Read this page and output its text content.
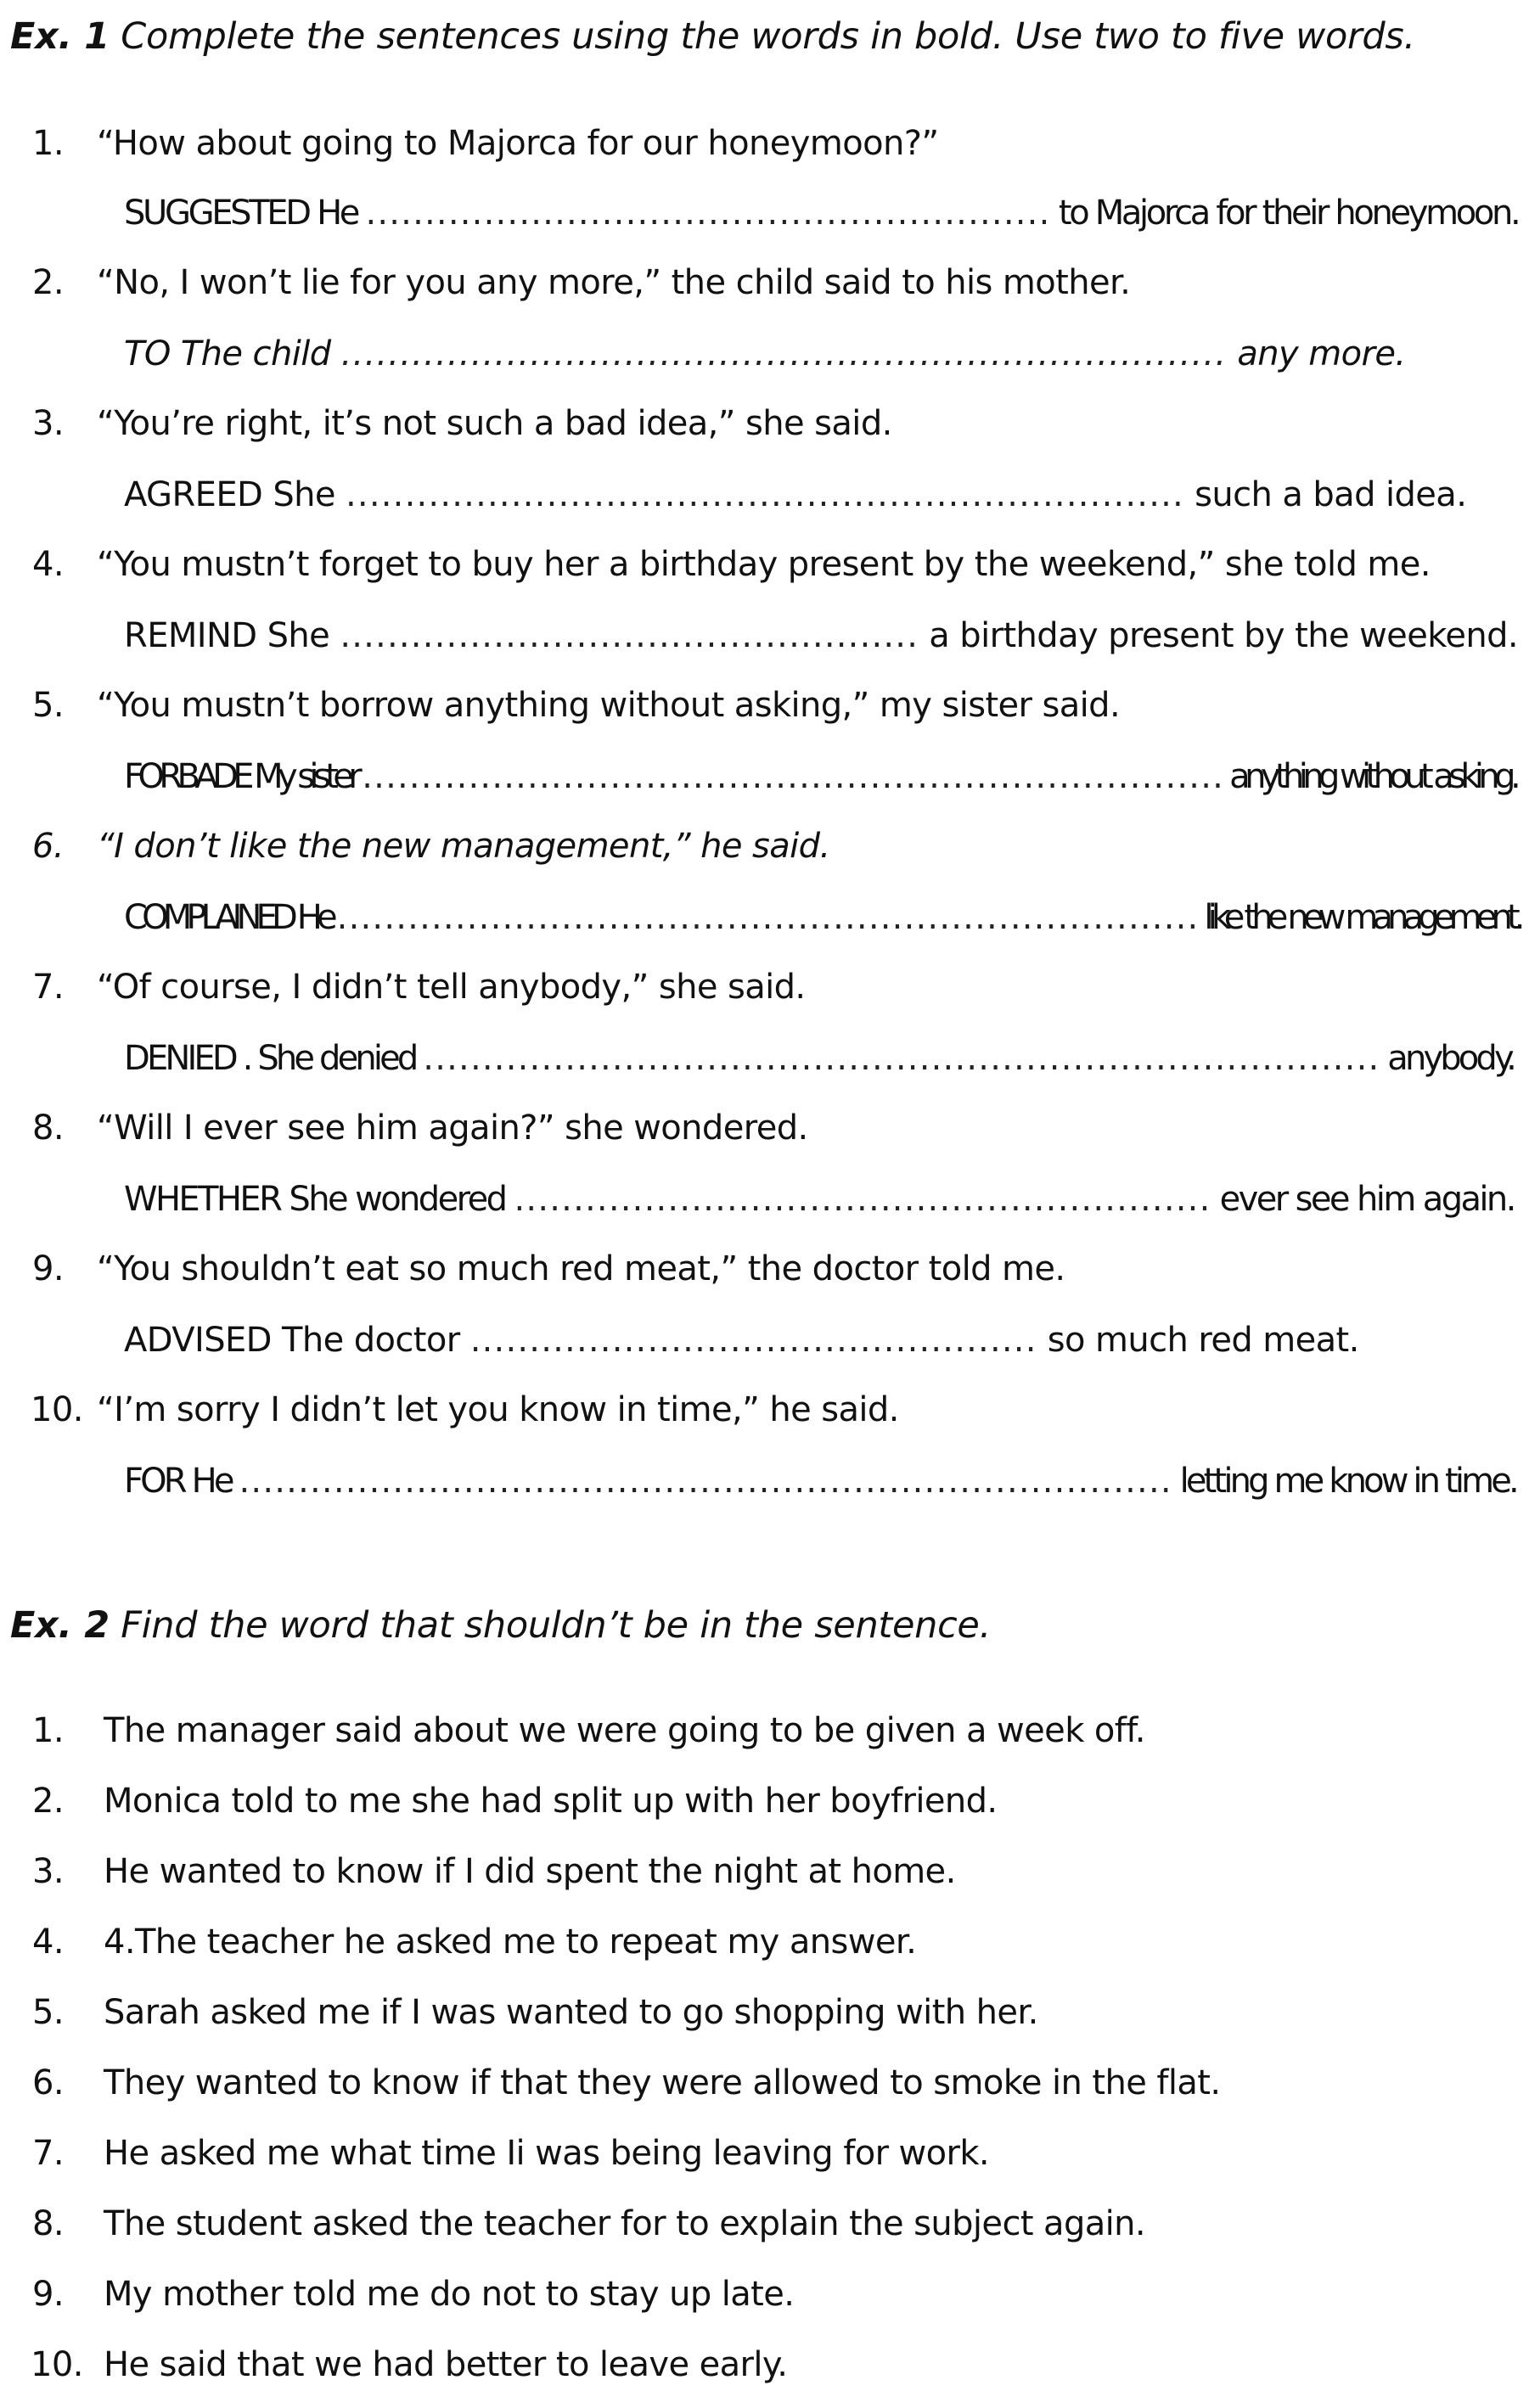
Ex. 1 Complete the sentences using the words in bold. Use two to five words.
1. “How about going to Majorca for our honeymoon?”
SUGGESTED He .......................................................... to Majorca for their honeymoon.
2. “No, I won’t lie for you any more,” the child said to his mother.
TO The child ........................................................................... any more.
3. “You’re right, it’s not such a bad idea,” she said.
AGREED She ....................................................................... such a bad idea.
4. “You mustn’t forget to buy her a birthday present by the weekend,” she told me.
REMIND She ................................................. a birthday present by the weekend.
5. “You mustn’t borrow anything without asking,” my sister said.
FORBADE My sister ......................................................................... anything without asking.
6. “I don’t like the new management,” he said.
COMPLAINED He ......................................................................... like the new management.
7. “Of course, I didn’t tell anybody,” she said.
DENIED . She denied ................................................................................. anybody.
8. “Will I ever see him again?” she wondered.
WHETHER She wondered ........................................................... ever see him again.
9. “You shouldn’t eat so much red meat,” the doctor told me.
ADVISED The doctor ................................................ so much red meat.
10. “I’m sorry I didn’t let you know in time,” he said.
FOR He ............................................................................... letting me know in time.
Ex. 2 Find the word that shouldn’t be in the sentence.
1.	The manager said about we were going to be given a week off.
2.	Monica told to me she had split up with her boyfriend.
3.	He wanted to know if I did spent the night at home.
4.	4.The teacher he asked me to repeat my answer.
5.	Sarah asked me if I was wanted to go shopping with her.
6.	They wanted to know if that they were allowed to smoke in the flat.
7.	He asked me what time Ii was being leaving for work.
8.	The student asked the teacher for to explain the subject again.
9.	My mother told me do not to stay up late.
10. He said that we had better to leave early.
